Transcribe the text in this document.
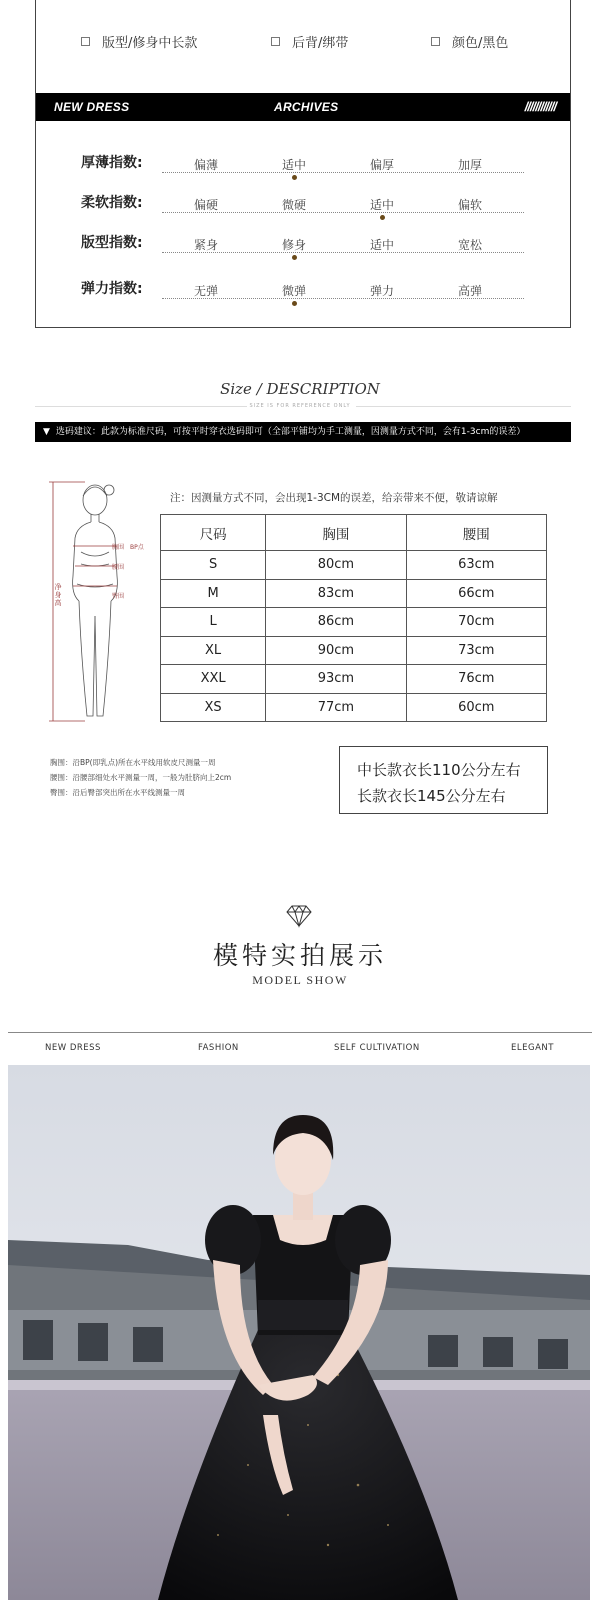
版型/修身中长款	后背/绑带	颜色/黑色
NEW DRESS	ARCHIVES	////////////
厚薄指数:	偏薄	适中	偏厚	加厚
柔软指数:	偏硬	微硬	适中	偏软
版型指数:	紧身	修身	适中	宽松
弹力指数:	无弹	微弹	弹力	高弹
Size / DESCRIPTION
SIZE IS FOR REFERENCE ONLY
▼ 选码建议：此款为标准尺码，可按平时穿衣选码即可（全部平铺均为手工测量，因测量方式不同，会有1-3cm的误差）
胸围 BP点
腰围
臀围
净身高
注：因测量方式不同，会出现1-3CM的误差，给亲带来不便，敬请谅解
尺码	胸围	腰围
S	80cm	63cm
M	83cm	66cm
L	86cm	70cm
XL	90cm	73cm
XXL	93cm	76cm
XS	77cm	60cm
胸围：沿BP(即乳点)所在水平线用软皮尺测量一周
腰围：沿腰部细处水平测量一周，一般为肚脐向上2cm
臀围：沿后臀部突出所在水平线测量一周
中长款衣长110公分左右
长款衣长145公分左右
模特实拍展示
MODEL SHOW
NEW DRESS	FASHION	SELF CULTIVATION	ELEGANT
